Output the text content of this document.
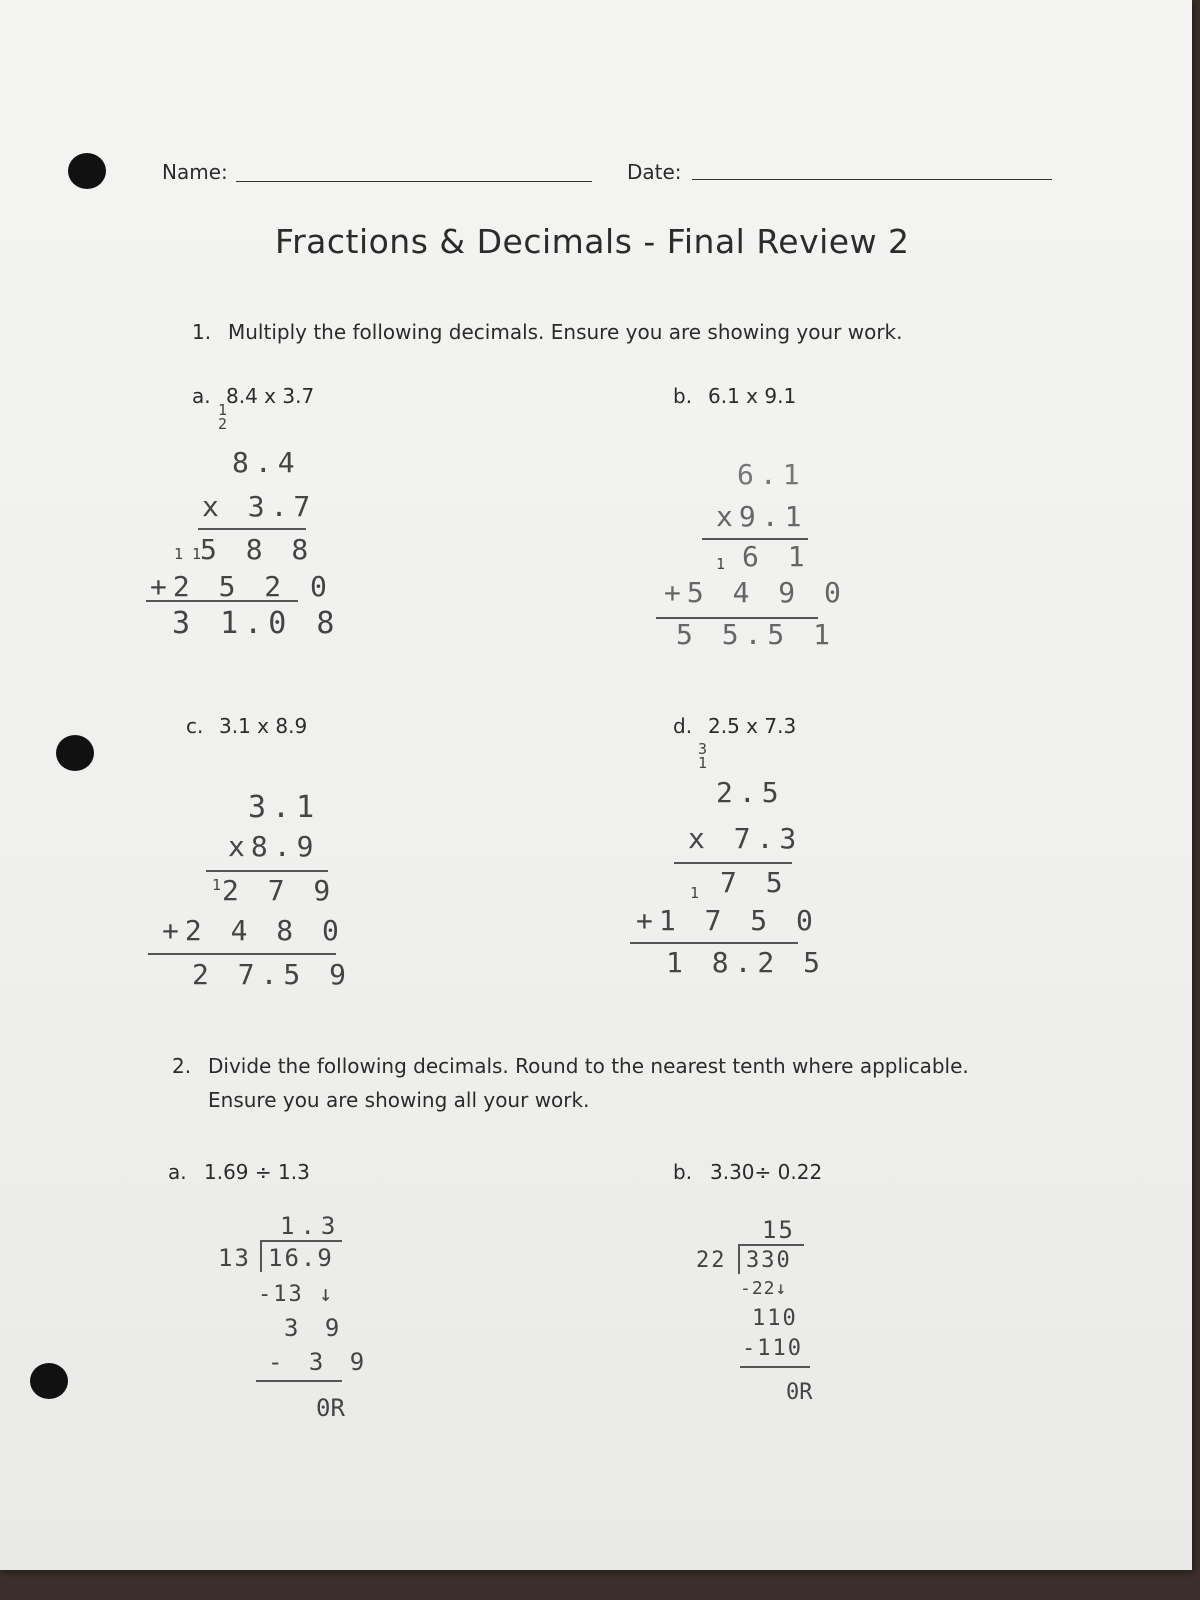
Name:	Date:
Fractions & Decimals - Final Review 2
1. Multiply the following decimals. Ensure you are showing your work.
a. 8.4 x 3.7
1
2
8.4
x 3.7
1 1
5 8 8
+2 5 2 0
3 1.0 8
b. 6.1 x 9.1
6.1
x9.1
1 6 1
+5 4 9 0
5 5.5 1
c. 3.1 x 8.9
3.1
x8.9
1 2 7 9
+2 4 8 0
2 7.5 9
d. 2.5 x 7.3
3
1
2.5
x 7.3
1 7 5
+1 7 5 0
1 8.2 5
2. Divide the following decimals. Round to the nearest tenth where applicable.
Ensure you are showing all your work.
a. 1.69 ÷ 1.3
1.3
13 16.9
-13 ↓
3 9
- 3 9
0R
b. 3.30÷ 0.22
15
22 330
-22↓
110
-110
0R
